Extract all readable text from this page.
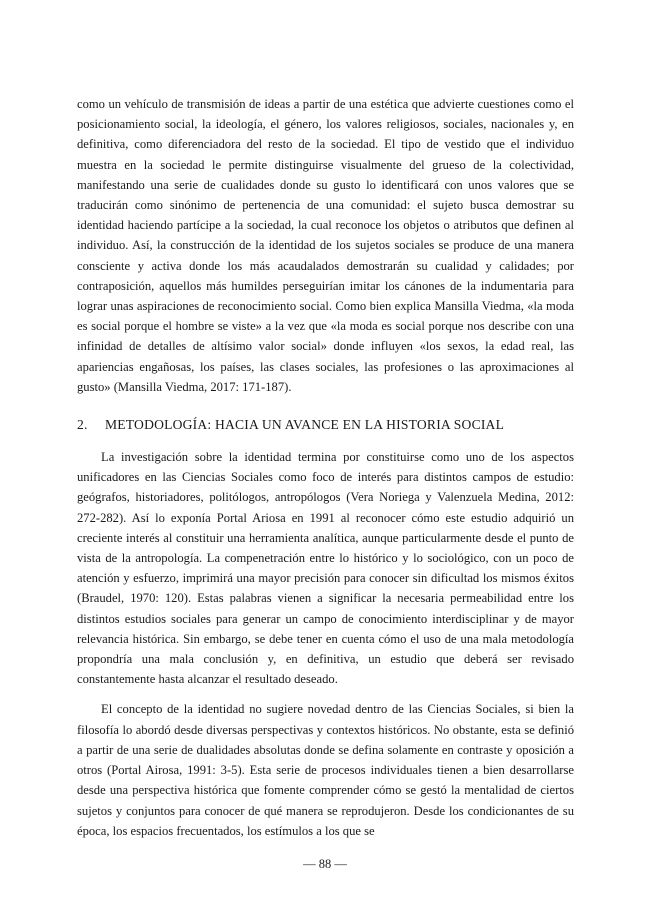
como un vehículo de transmisión de ideas a partir de una estética que advierte cuestiones como el posicionamiento social, la ideología, el género, los valores religiosos, sociales, nacionales y, en definitiva, como diferenciadora del resto de la sociedad. El tipo de vestido que el individuo muestra en la sociedad le permite distinguirse visualmente del grueso de la colectividad, manifestando una serie de cualidades donde su gusto lo identificará con unos valores que se traducirán como sinónimo de pertenencia de una comunidad: el sujeto busca demostrar su identidad haciendo partícipe a la sociedad, la cual reconoce los objetos o atributos que definen al individuo. Así, la construcción de la identidad de los sujetos sociales se produce de una manera consciente y activa donde los más acaudalados demostrarán su cualidad y calidades; por contraposición, aquellos más humildes perseguirían imitar los cánones de la indumentaria para lograr unas aspiraciones de reconocimiento social. Como bien explica Mansilla Viedma, «la moda es social porque el hombre se viste» a la vez que «la moda es social porque nos describe con una infinidad de detalles de altísimo valor social» donde influyen «los sexos, la edad real, las apariencias engañosas, los países, las clases sociales, las profesiones o las aproximaciones al gusto» (Mansilla Viedma, 2017: 171-187).

2.	METODOLOGÍA: HACIA UN AVANCE EN LA HISTORIA SOCIAL

La investigación sobre la identidad termina por constituirse como uno de los aspectos unificadores en las Ciencias Sociales como foco de interés para distintos campos de estudio: geógrafos, historiadores, politólogos, antropólogos (Vera Noriega y Valenzuela Medina, 2012: 272-282). Así lo exponía Portal Ariosa en 1991 al reconocer cómo este estudio adquirió un creciente interés al constituir una herramienta analítica, aunque particularmente desde el punto de vista de la antropología. La compenetración entre lo histórico y lo sociológico, con un poco de atención y esfuerzo, imprimirá una mayor precisión para conocer sin dificultad los mismos éxitos (Braudel, 1970: 120). Estas palabras vienen a significar la necesaria permeabilidad entre los distintos estudios sociales para generar un campo de conocimiento interdisciplinar y de mayor relevancia histórica. Sin embargo, se debe tener en cuenta cómo el uso de una mala metodología propondría una mala conclusión y, en definitiva, un estudio que deberá ser revisado constantemente hasta alcanzar el resultado deseado.

El concepto de la identidad no sugiere novedad dentro de las Ciencias Sociales, si bien la filosofía lo abordó desde diversas perspectivas y contextos históricos. No obstante, esta se definió a partir de una serie de dualidades absolutas donde se defina solamente en contraste y oposición a otros (Portal Airosa, 1991: 3-5). Esta serie de procesos individuales tienen a bien desarrollarse desde una perspectiva histórica que fomente comprender cómo se gestó la mentalidad de ciertos sujetos y conjuntos para conocer de qué manera se reprodujeron. Desde los condicionantes de su época, los espacios frecuentados, los estímulos a los que se

— 88 —
